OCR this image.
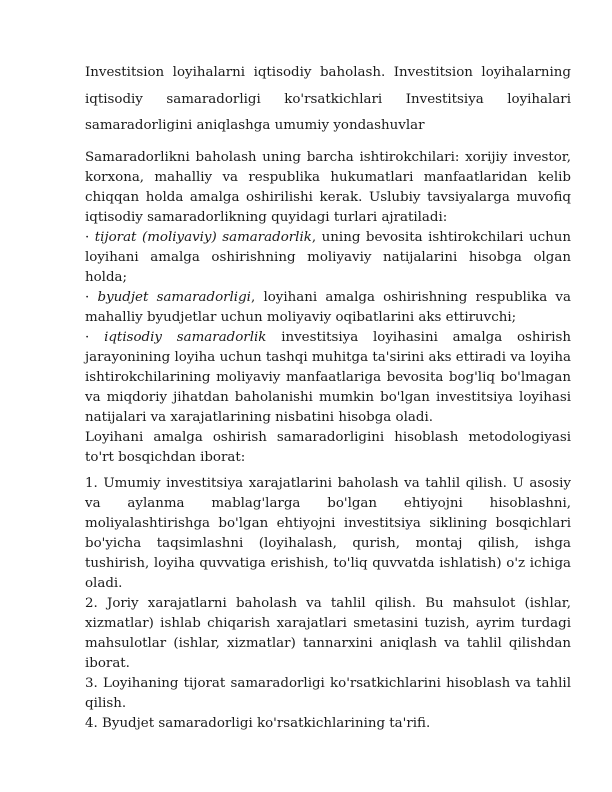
Investitsion loyihalarni iqtisodiy baholash. Investitsion loyihalarning iqtisodiy samaradorligi ko'rsatkichlari Investitsiya loyihalari samaradorligini aniqlashga umumiy yondashuvlar

Samaradorlikni baholash uning barcha ishtirokchilari: xorijiy investor, korxona, mahalliy va respublika hukumatlari manfaatlaridan kelib chiqqan holda amalga oshirilishi kerak. Uslubiy tavsiyalarga muvofiq iqtisodiy samaradorlikning quyidagi turlari ajratiladi:

· tijorat (moliyaviy) samaradorlik, uning bevosita ishtirokchilari uchun loyihani amalga oshirishning moliyaviy natijalarini hisobga olgan holda;

· byudjet samaradorligi, loyihani amalga oshirishning respublika va mahalliy byudjetlar uchun moliyaviy oqibatlarini aks ettiruvchi;

· iqtisodiy samaradorlik investitsiya loyihasini amalga oshirish jarayonining loyiha uchun tashqi muhitga ta'sirini aks ettiradi va loyiha ishtirokchilarining moliyaviy manfaatlariga bevosita bog'liq bo'lmagan va miqdoriy jihatdan baholanishi mumkin bo'lgan investitsiya loyihasi natijalari va xarajatlarining nisbatini hisobga oladi.

Loyihani amalga oshirish samaradorligini hisoblash metodologiyasi to'rt bosqichdan iborat:

1. Umumiy investitsiya xarajatlarini baholash va tahlil qilish. U asosiy va aylanma mablag'larga bo'lgan ehtiyojni hisoblashni, moliyalashtirishga bo'lgan ehtiyojni investitsiya siklining bosqichlari bo'yicha taqsimlashni (loyihalash, qurish, montaj qilish, ishga tushirish, loyiha quvvatiga erishish, to'liq quvvatda ishlatish) o'z ichiga oladi.

2. Joriy xarajatlarni baholash va tahlil qilish. Bu mahsulot (ishlar, xizmatlar) ishlab chiqarish xarajatlari smetasini tuzish, ayrim turdagi mahsulotlar (ishlar, xizmatlar) tannarxini aniqlash va tahlil qilishdan iborat.

3. Loyihaning tijorat samaradorligi ko'rsatkichlarini hisoblash va tahlil qilish.

4. Byudjet samaradorligi ko'rsatkichlarining ta'rifi.
